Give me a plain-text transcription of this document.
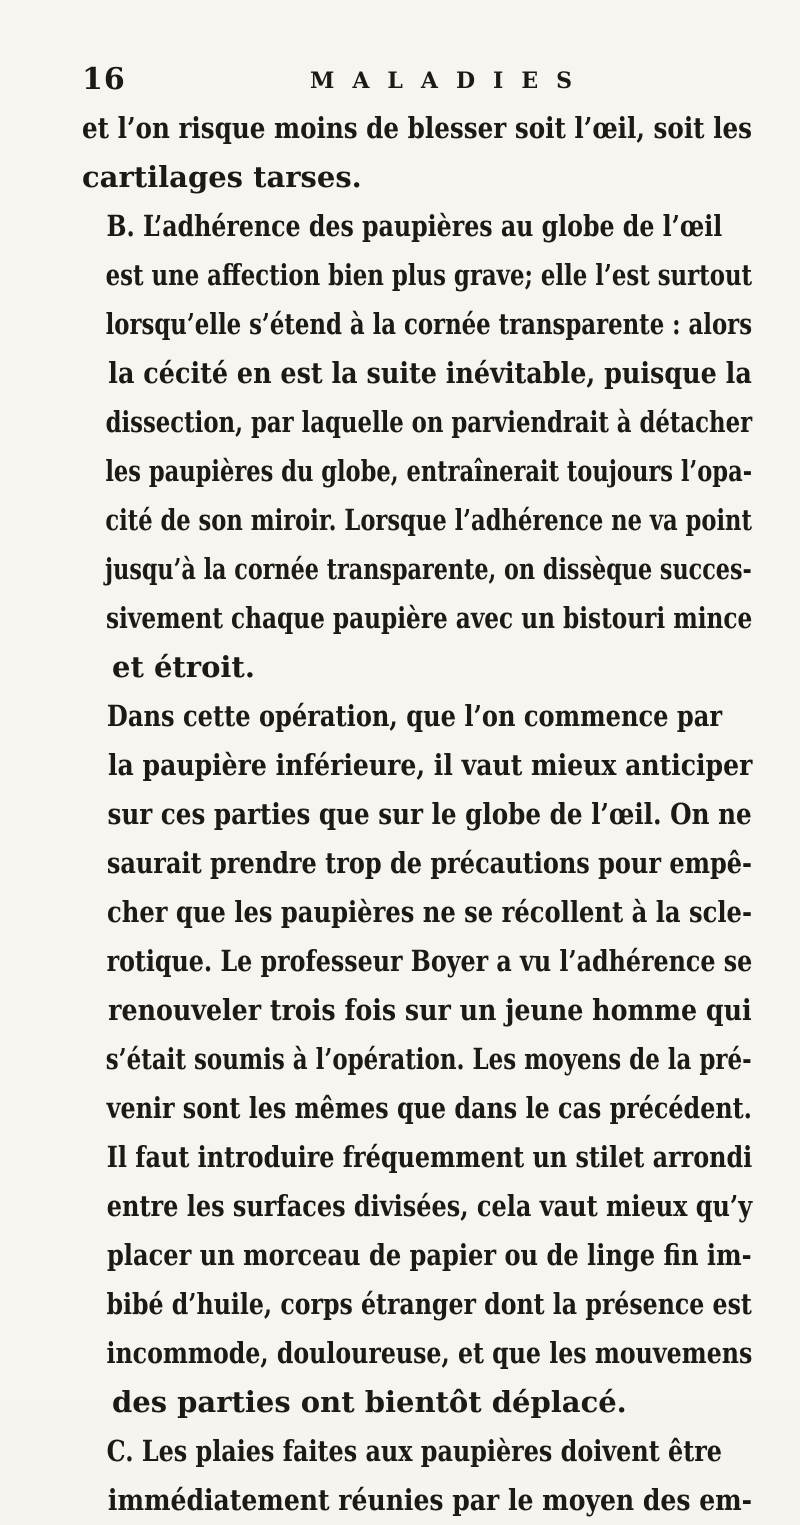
16	MALADIES

et l’on risque moins de blesser soit l’œil, soit les
cartilages tarses.

B. L’adhérence des paupières au globe de l’œil
est une affection bien plus grave; elle l’est surtout
lorsqu’elle s’étend à la cornée transparente : alors
la cécité en est la suite inévitable, puisque la
dissection, par laquelle on parviendrait à détacher
les paupières du globe, entraînerait toujours l’opa-
cité de son miroir. Lorsque l’adhérence ne va point
jusqu’à la cornée transparente, on dissèque succes-
sivement chaque paupière avec un bistouri mince
et étroit.

Dans cette opération, que l’on commence par
la paupière inférieure, il vaut mieux anticiper
sur ces parties que sur le globe de l’œil. On ne
saurait prendre trop de précautions pour empê-
cher que les paupières ne se récollent à la scle-
rotique. Le professeur Boyer a vu l’adhérence se
renouveler trois fois sur un jeune homme qui
s’était soumis à l’opération. Les moyens de la pré-
venir sont les mêmes que dans le cas précédent.
Il faut introduire fréquemment un stilet arrondi
entre les surfaces divisées, cela vaut mieux qu’y
placer un morceau de papier ou de linge fin im-
bibé d’huile, corps étranger dont la présence est
incommode, douloureuse, et que les mouvemens
des parties ont bientôt déplacé.

C. Les plaies faites aux paupières doivent être
immédiatement réunies par le moyen des em-
